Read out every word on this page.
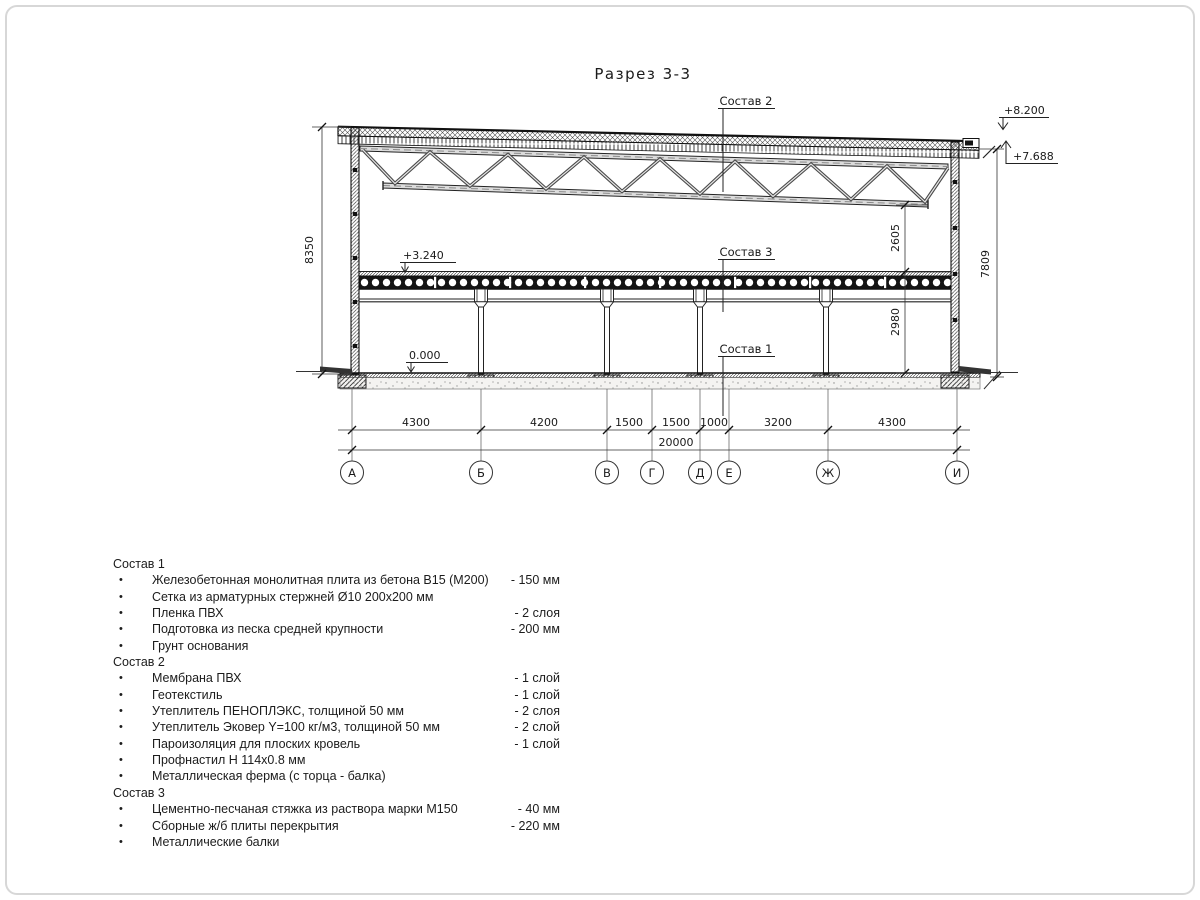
Разрез 3-3
Состав 2
Состав 3
Состав 1
+8.200
+7.688
+3.240
0.000
8350	2605
2980
7809
4300	4200	1500 1500 1000	3200	4300
20000
А	Б	В	Г	Д Е	Ж	И
Состав 1
• Железобетонная монолитная плита из бетона В15 (М200)	- 150 мм
• Сетка из арматурных стержней Ø10 200х200 мм
• Пленка ПВХ	- 2 слоя
• Подготовка из песка средней крупности	- 200 мм
• Грунт основания
Состав 2
• Мембрана ПВХ	- 1 слой
• Геотекстиль	- 1 слой
• Утеплитель ПЕНОПЛЭКС, толщиной 50 мм	- 2 слоя
• Утеплитель Эковер Y=100 кг/м3, толщиной 50 мм	- 2 слой
• Пароизоляция для плоских кровель	- 1 слой
• Профнастил Н 114х0.8 мм
• Металлическая ферма (с торца - балка)
Состав 3
• Цементно-песчаная стяжка из раствора марки М150	- 40 мм
• Сборные ж/б плиты перекрытия	- 220 мм
• Металлические балки
